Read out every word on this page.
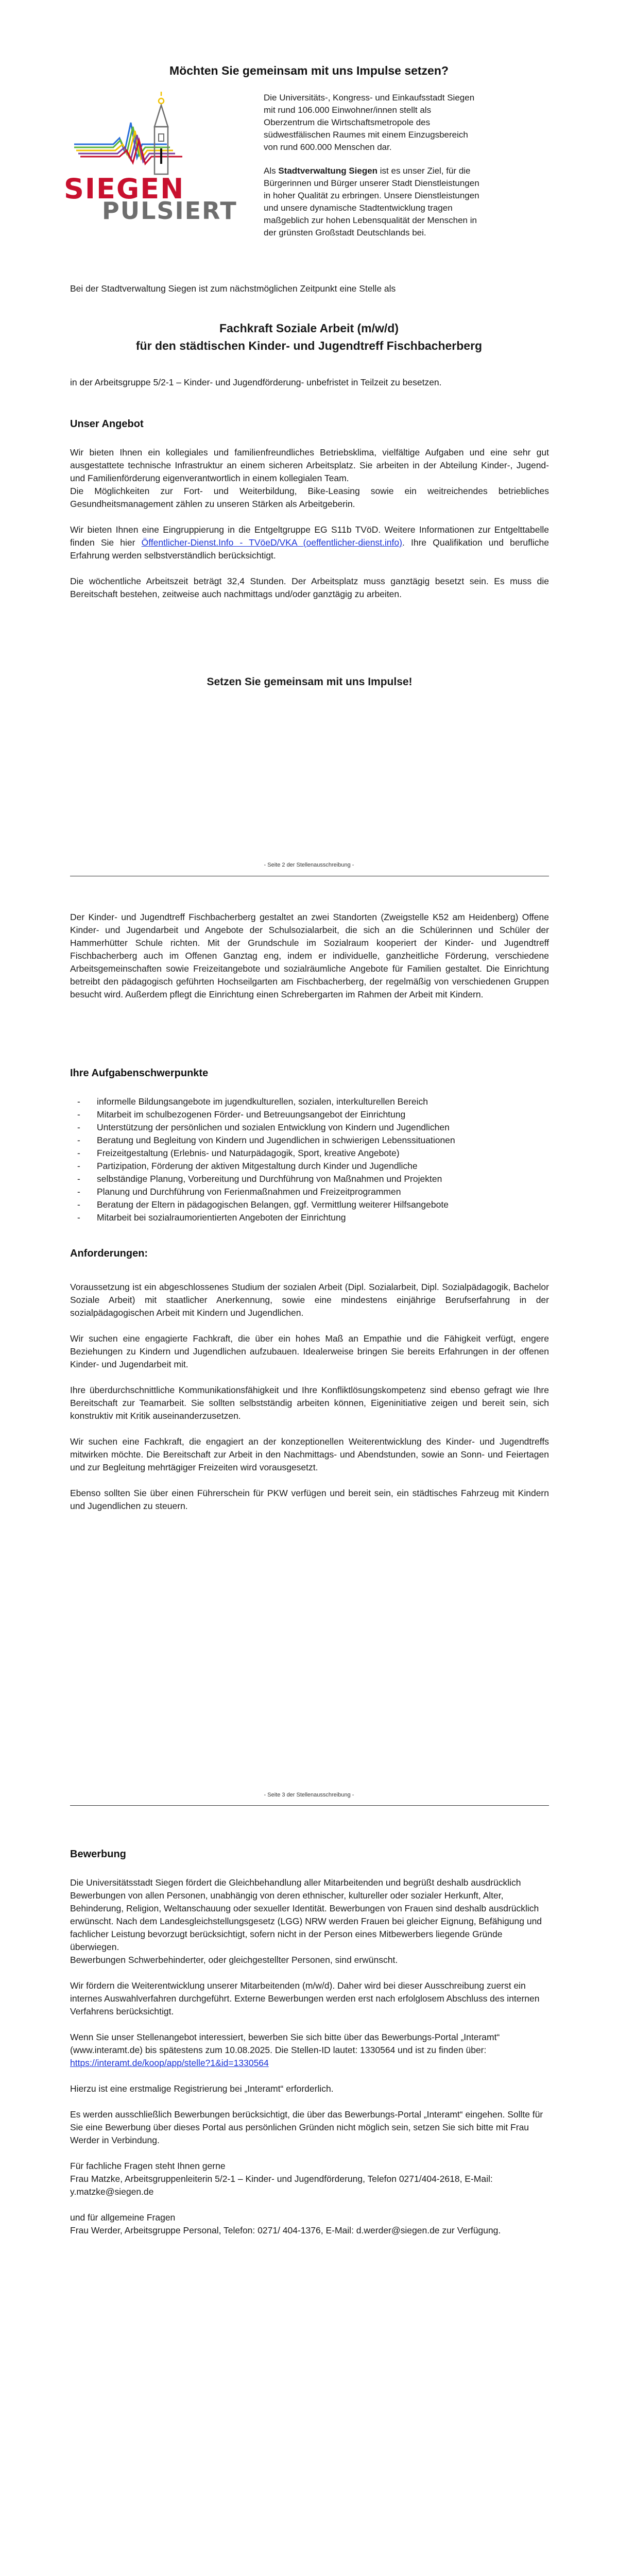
Möchten Sie gemeinsam mit uns Impulse setzen?
SIEGEN
PULSIERT

Die Universitäts-, Kongress- und Einkaufsstadt Siegen mit rund 106.000 Einwohner/innen stellt als Oberzentrum die Wirtschaftsmetropole des südwestfälischen Raumes mit einem Einzugsbereich von rund 600.000 Menschen dar.

Als Stadtverwaltung Siegen ist es unser Ziel, für die Bürgerinnen und Bürger unserer Stadt Dienstleistungen in hoher Qualität zu erbringen. Unsere Dienstleistungen und unsere dynamische Stadtentwicklung tragen maßgeblich zur hohen Lebensqualität der Menschen in der grünsten Großstadt Deutschlands bei.

Bei der Stadtverwaltung Siegen ist zum nächstmöglichen Zeitpunkt eine Stelle als

Fachkraft Soziale Arbeit (m/w/d)
für den städtischen Kinder- und Jugendtreff Fischbacherberg

in der Arbeitsgruppe 5/2-1 – Kinder- und Jugendförderung- unbefristet in Teilzeit zu besetzen.

Unser Angebot

Wir bieten Ihnen ein kollegiales und familienfreundliches Betriebsklima, vielfältige Aufgaben und eine sehr gut ausgestattete technische Infrastruktur an einem sicheren Arbeitsplatz. Sie arbeiten in der Abteilung Kinder-, Jugend- und Familienförderung eigenverantwortlich in einem kollegialen Team.

Die Möglichkeiten zur Fort- und Weiterbildung, Bike-Leasing sowie ein weitreichendes betriebliches Gesundheitsmanagement zählen zu unseren Stärken als Arbeitgeberin.

Wir bieten Ihnen eine Eingruppierung in die Entgeltgruppe EG S11b TVöD. Weitere Informationen zur Entgelttabelle finden Sie hier Öffentlicher-Dienst.Info - TVöeD/VKA (oeffentlicher-dienst.info). Ihre Qualifikation und berufliche Erfahrung werden selbstverständlich berücksichtigt.

Die wöchentliche Arbeitszeit beträgt 32,4 Stunden. Der Arbeitsplatz muss ganztägig besetzt sein. Es muss die Bereitschaft bestehen, zeitweise auch nachmittags und/oder ganztägig zu arbeiten.

Setzen Sie gemeinsam mit uns Impulse!
- Seite 2 der Stellenausschreibung -

Der Kinder- und Jugendtreff Fischbacherberg gestaltet an zwei Standorten (Zweigstelle K52 am Heidenberg) Offene Kinder- und Jugendarbeit und Angebote der Schulsozialarbeit, die sich an die Schülerinnen und Schüler der Hammerhütter Schule richten. Mit der Grundschule im Sozialraum kooperiert der Kinder- und Jugendtreff Fischbacherberg auch im Offenen Ganztag eng, indem er individuelle, ganzheitliche Förderung, verschiedene Arbeitsgemeinschaften sowie Freizeitangebote und sozialräumliche Angebote für Familien gestaltet. Die Einrichtung betreibt den pädagogisch geführten Hochseilgarten am Fischbacherberg, der regelmäßig von verschiedenen Gruppen besucht wird. Außerdem pflegt die Einrichtung einen Schrebergarten im Rahmen der Arbeit mit Kindern.

Ihre Aufgabenschwerpunkte
- informelle Bildungsangebote im jugendkulturellen, sozialen, interkulturellen Bereich
- Mitarbeit im schulbezogenen Förder- und Betreuungsangebot der Einrichtung
- Unterstützung der persönlichen und sozialen Entwicklung von Kindern und Jugendlichen
- Beratung und Begleitung von Kindern und Jugendlichen in schwierigen Lebenssituationen
- Freizeitgestaltung (Erlebnis- und Naturpädagogik, Sport, kreative Angebote)
- Partizipation, Förderung der aktiven Mitgestaltung durch Kinder und Jugendliche
- selbständige Planung, Vorbereitung und Durchführung von Maßnahmen und Projekten
- Planung und Durchführung von Ferienmaßnahmen und Freizeitprogrammen
- Beratung der Eltern in pädagogischen Belangen, ggf. Vermittlung weiterer Hilfsangebote
- Mitarbeit bei sozialraumorientierten Angeboten der Einrichtung
Anforderungen:

Voraussetzung ist ein abgeschlossenes Studium der sozialen Arbeit (Dipl. Sozialarbeit, Dipl. Sozialpädagogik, Bachelor Soziale Arbeit) mit staatlicher Anerkennung, sowie eine mindestens einjährige Berufserfahrung in der sozialpädagogischen Arbeit mit Kindern und Jugendlichen.

Wir suchen eine engagierte Fachkraft, die über ein hohes Maß an Empathie und die Fähigkeit verfügt, engere Beziehungen zu Kindern und Jugendlichen aufzubauen. Idealerweise bringen Sie bereits Erfahrungen in der offenen Kinder- und Jugendarbeit mit.

Ihre überdurchschnittliche Kommunikationsfähigkeit und Ihre Konfliktlösungskompetenz sind ebenso gefragt wie Ihre Bereitschaft zur Teamarbeit. Sie sollten selbstständig arbeiten können, Eigeninitiative zeigen und bereit sein, sich konstruktiv mit Kritik auseinanderzusetzen.

Wir suchen eine Fachkraft, die engagiert an der konzeptionellen Weiterentwicklung des Kinder- und Jugendtreffs mitwirken möchte. Die Bereitschaft zur Arbeit in den Nachmittags- und Abendstunden, sowie an Sonn- und Feiertagen und zur Begleitung mehrtägiger Freizeiten wird vorausgesetzt.

Ebenso sollten Sie über einen Führerschein für PKW verfügen und bereit sein, ein städtisches Fahrzeug mit Kindern und Jugendlichen zu steuern.

- Seite 3 der Stellenausschreibung -
Bewerbung

Die Universitätsstadt Siegen fördert die Gleichbehandlung aller Mitarbeitenden und begrüßt deshalb ausdrücklich Bewerbungen von allen Personen, unabhängig von deren ethnischer, kultureller oder sozialer Herkunft, Alter, Behinderung, Religion, Weltanschauung oder sexueller Identität. Bewerbungen von Frauen sind deshalb ausdrücklich erwünscht. Nach dem Landesgleichstellungsgesetz (LGG) NRW werden Frauen bei gleicher Eignung, Befähigung und fachlicher Leistung bevorzugt berücksichtigt, sofern nicht in der Person eines Mitbewerbers liegende Gründe überwiegen.

Bewerbungen Schwerbehinderter, oder gleichgestellter Personen, sind erwünscht.

Wir fördern die Weiterentwicklung unserer Mitarbeitenden (m/w/d). Daher wird bei dieser Ausschreibung zuerst ein internes Auswahlverfahren durchgeführt. Externe Bewerbungen werden erst nach erfolglosem Abschluss des internen Verfahrens berücksichtigt.

Wenn Sie unser Stellenangebot interessiert, bewerben Sie sich bitte über das Bewerbungs-Portal „Interamt“ (www.interamt.de) bis spätestens zum 10.08.2025. Die Stellen-ID lautet: 1330564 und ist zu finden über:

https://interamt.de/koop/app/stelle?1&id=1330564

Hierzu ist eine erstmalige Registrierung bei „Interamt“ erforderlich.

Es werden ausschließlich Bewerbungen berücksichtigt, die über das Bewerbungs-Portal „Interamt“ eingehen. Sollte für Sie eine Bewerbung über dieses Portal aus persönlichen Gründen nicht möglich sein, setzen Sie sich bitte mit Frau Werder in Verbindung.

Für fachliche Fragen steht Ihnen gerne

Frau Matzke, Arbeitsgruppenleiterin 5/2-1 – Kinder- und Jugendförderung, Telefon 0271/404-2618, E-Mail: y.matzke@siegen.de

und für allgemeine Fragen

Frau Werder, Arbeitsgruppe Personal, Telefon: 0271/ 404-1376, E-Mail: d.werder@siegen.de zur Verfügung.
